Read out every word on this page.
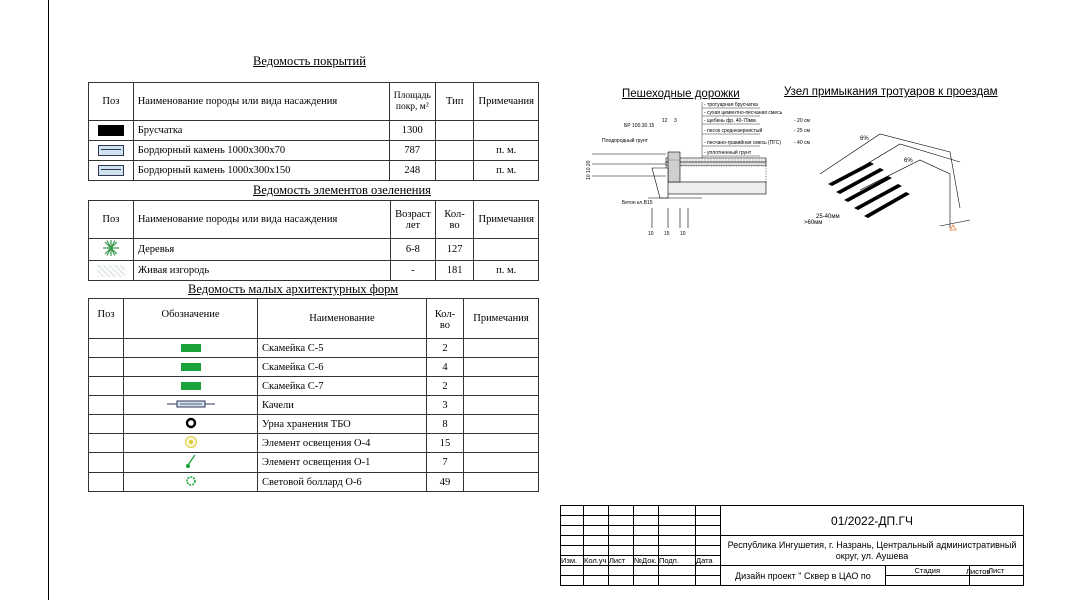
Ведомость покрытий
Поз	Наименование породы или вида насаждения	Площадь покр, м²	Тип	Примечания
	Брусчатка	1300		
	Бордюрный камень 1000х300х70	787		п. м.
	Бордюрный камень 1000х300х150	248		п. м.
Ведомость элементов озеленения
Поз	Наименование породы или вида насаждения	Возраст лет	Кол-во	Примечания
	Деревья	6-8	127	
	Живая изгородь	-	181	п. м.
Ведомость малых архитектурных форм
Поз	Обозначение	Наименование	Кол-во	Примечания
		Скамейка С-5	2	
		Скамейка С-6	4	
		Скамейка С-7	2	
		Качели	3	
		Урна хранения ТБО	8	
		Элемент освещения О-4	15	
		Элемент освещения О-1	7	
		Световой боллард О-6	49	
Пешеходные дорожки	Узел примыкания тротуаров к проездам
- тротуарная брусчатка
- сухая цементно-песчаная смесь
- щебень фр. 40-70мм.
- песок среднезернистый
- песчано-гравийная смесь (ПГС)
- уплотненный грунт
- 20 см
- 25 см
- 40 см
БР 100.30.15
12 3
Плодородный грунт
10 10 20
Бетон кл.В15
10 15 10
6%
6%
25-40мм
>60мм
						01/2022-ДП.ГЧ		

						Республика Ингушетия, г. Назрань, Центральный административный округ, ул. Аушева		

Изм.	Кол.уч	Лист	№Док.	Подп.	Дата			
						Дизайн проект " Сквер в ЦАО по	Стадия	Лист

Листов
